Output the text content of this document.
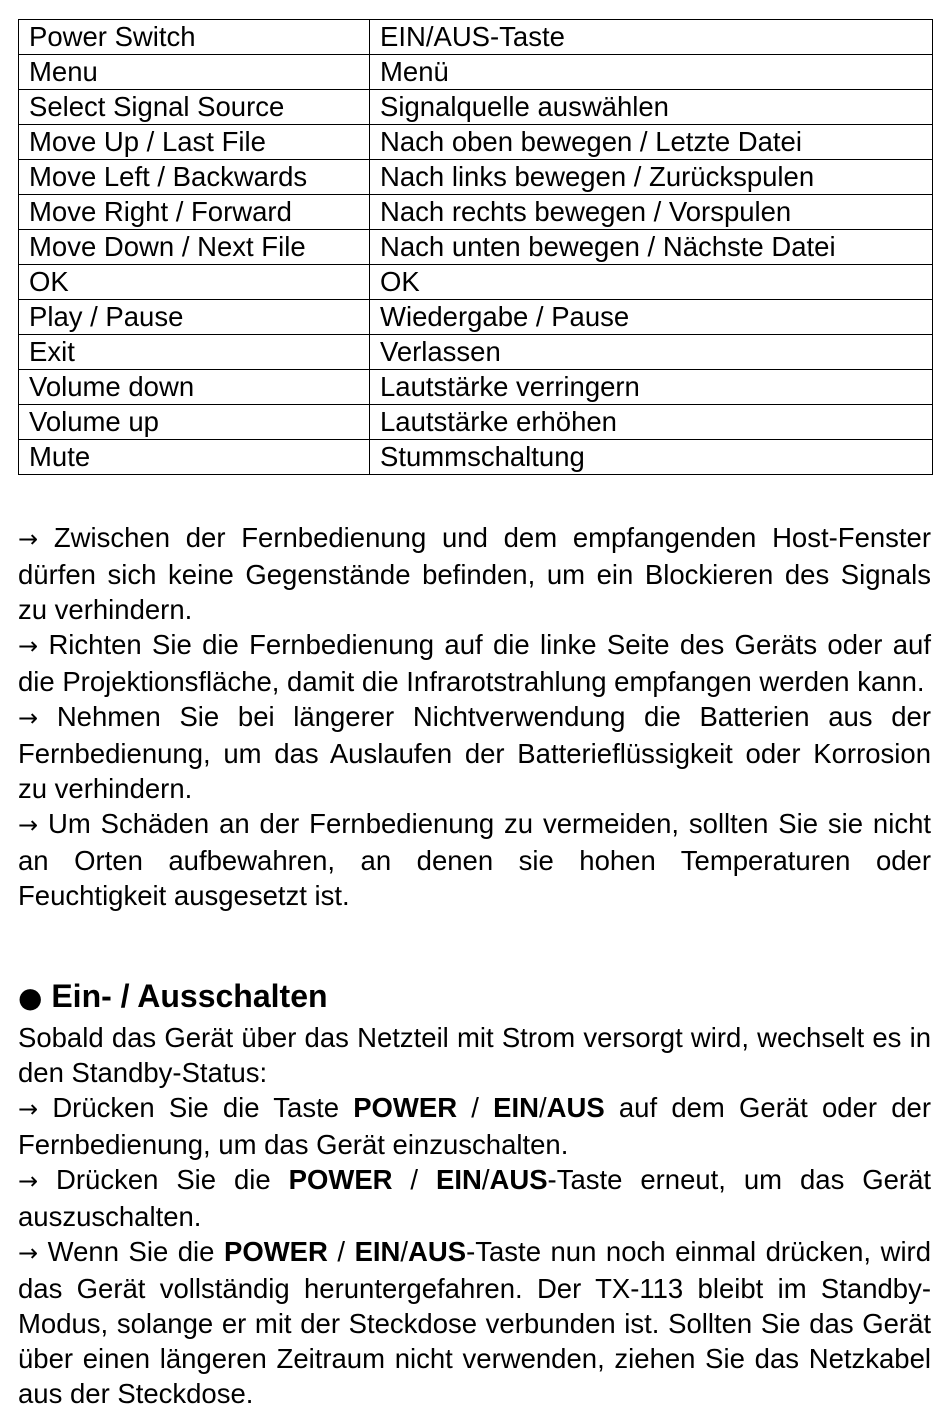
Power Switch	EIN/AUS-Taste
Menu	Menü
Select Signal Source	Signalquelle auswählen
Move Up / Last File	Nach oben bewegen / Letzte Datei
Move Left / Backwards	Nach links bewegen / Zurückspulen
Move Right / Forward	Nach rechts bewegen / Vorspulen
Move Down / Next File	Nach unten bewegen / Nächste Datei
OK	OK
Play / Pause	Wiedergabe / Pause
Exit	Verlassen
Volume down	Lautstärke verringern
Volume up	Lautstärke erhöhen
Mute	Stummschaltung

→ Zwischen der Fernbedienung und dem empfangenden Host-Fenster dürfen sich keine Gegenstände befinden, um ein Blockieren des Signals zu verhindern.

→ Richten Sie die Fernbedienung auf die linke Seite des Geräts oder auf die Projektionsfläche, damit die Infrarotstrahlung empfangen werden kann.

→ Nehmen Sie bei längerer Nichtverwendung die Batterien aus der Fernbedienung, um das Auslaufen der Batterieflüssigkeit oder Korrosion zu verhindern.

→ Um Schäden an der Fernbedienung zu vermeiden, sollten Sie sie nicht an Orten aufbewahren, an denen sie hohen Temperaturen oder Feuchtigkeit ausgesetzt ist.

● Ein- / Ausschalten

Sobald das Gerät über das Netzteil mit Strom versorgt wird, wechselt es in den Standby-Status:

→ Drücken Sie die Taste POWER / EIN/AUS auf dem Gerät oder der Fernbedienung, um das Gerät einzuschalten.

→ Drücken Sie die POWER / EIN/AUS-Taste erneut, um das Gerät auszuschalten.

→ Wenn Sie die POWER / EIN/AUS-Taste nun noch einmal drücken, wird das Gerät vollständig heruntergefahren. Der TX-113 bleibt im Standby-Modus, solange er mit der Steckdose verbunden ist. Sollten Sie das Gerät über einen längeren Zeitraum nicht verwenden, ziehen Sie das Netzkabel aus der Steckdose.
